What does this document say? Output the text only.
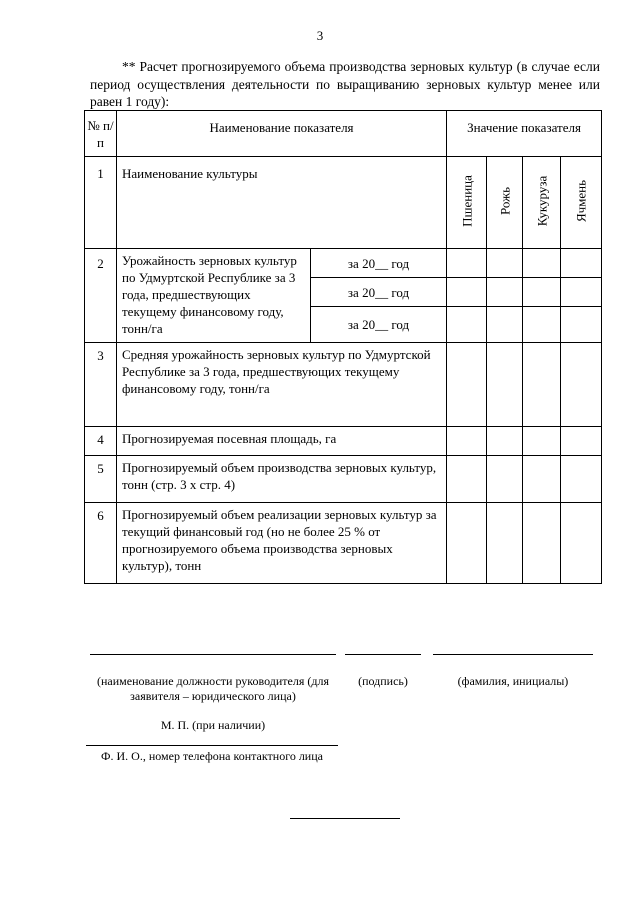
3
** Расчет прогнозируемого объема производства зерновых культур (в случае если период осуществления деятельности по выращиванию зерновых культур менее или равен 1 году):
№ п/п	Наименование показателя		Значение показателя			
1	Наименование культуры		Пшеница	Рожь	Кукуруза	Ячмень

2	Урожайность зерновых культур по Удмуртской Республике за 3 года, предшествующих текущему финансовому году, тонн/га	за 20__ год				
		за 20__ год				
		за 20__ год				
3	Средняя урожайность зерновых культур по Удмуртской Республике за 3 года, предшествующих текущему финансовому году, тонн/га					
4	Прогнозируемая посевная площадь, га					
5	Прогнозируемый объем производства зерновых культур, тонн (стр. 3 х стр. 4)					
6	Прогнозируемый объем реализации зерновых культур за текущий финансовый год (но не более 25 % от прогнозируемого объема производства зерновых культур), тонн					
(наименование должности руководителя (для заявителя – юридического лица)
(подпись)	(фамилия, инициалы)
М. П. (при наличии)
Ф. И. О., номер телефона контактного лица
